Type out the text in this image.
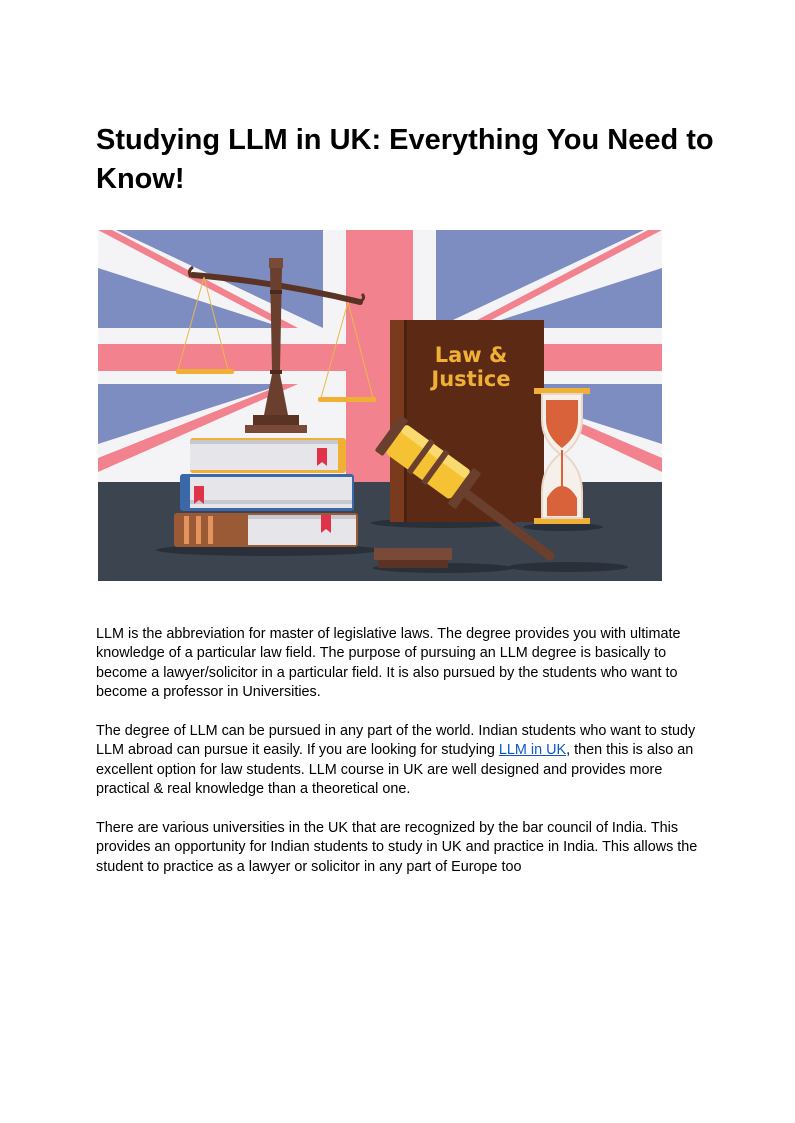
Studying LLM in UK: Everything You Need to Know!
Law &
Justice

LLM is the abbreviation for master of legislative laws. The degree provides you with ultimate knowledge of a particular law field. The purpose of pursuing an LLM degree is basically to become a lawyer/solicitor in a particular field. It is also pursued by the students who want to become a professor in Universities.

The degree of LLM can be pursued in any part of the world. Indian students who want to study LLM abroad can pursue it easily. If you are looking for studying LLM in UK, then this is also an excellent option for law students. LLM course in UK are well designed and provides more practical & real knowledge than a theoretical one.

There are various universities in the UK that are recognized by the bar council of India. This provides an opportunity for Indian students to study in UK and practice in India. This allows the student to practice as a lawyer or solicitor in any part of Europe too
